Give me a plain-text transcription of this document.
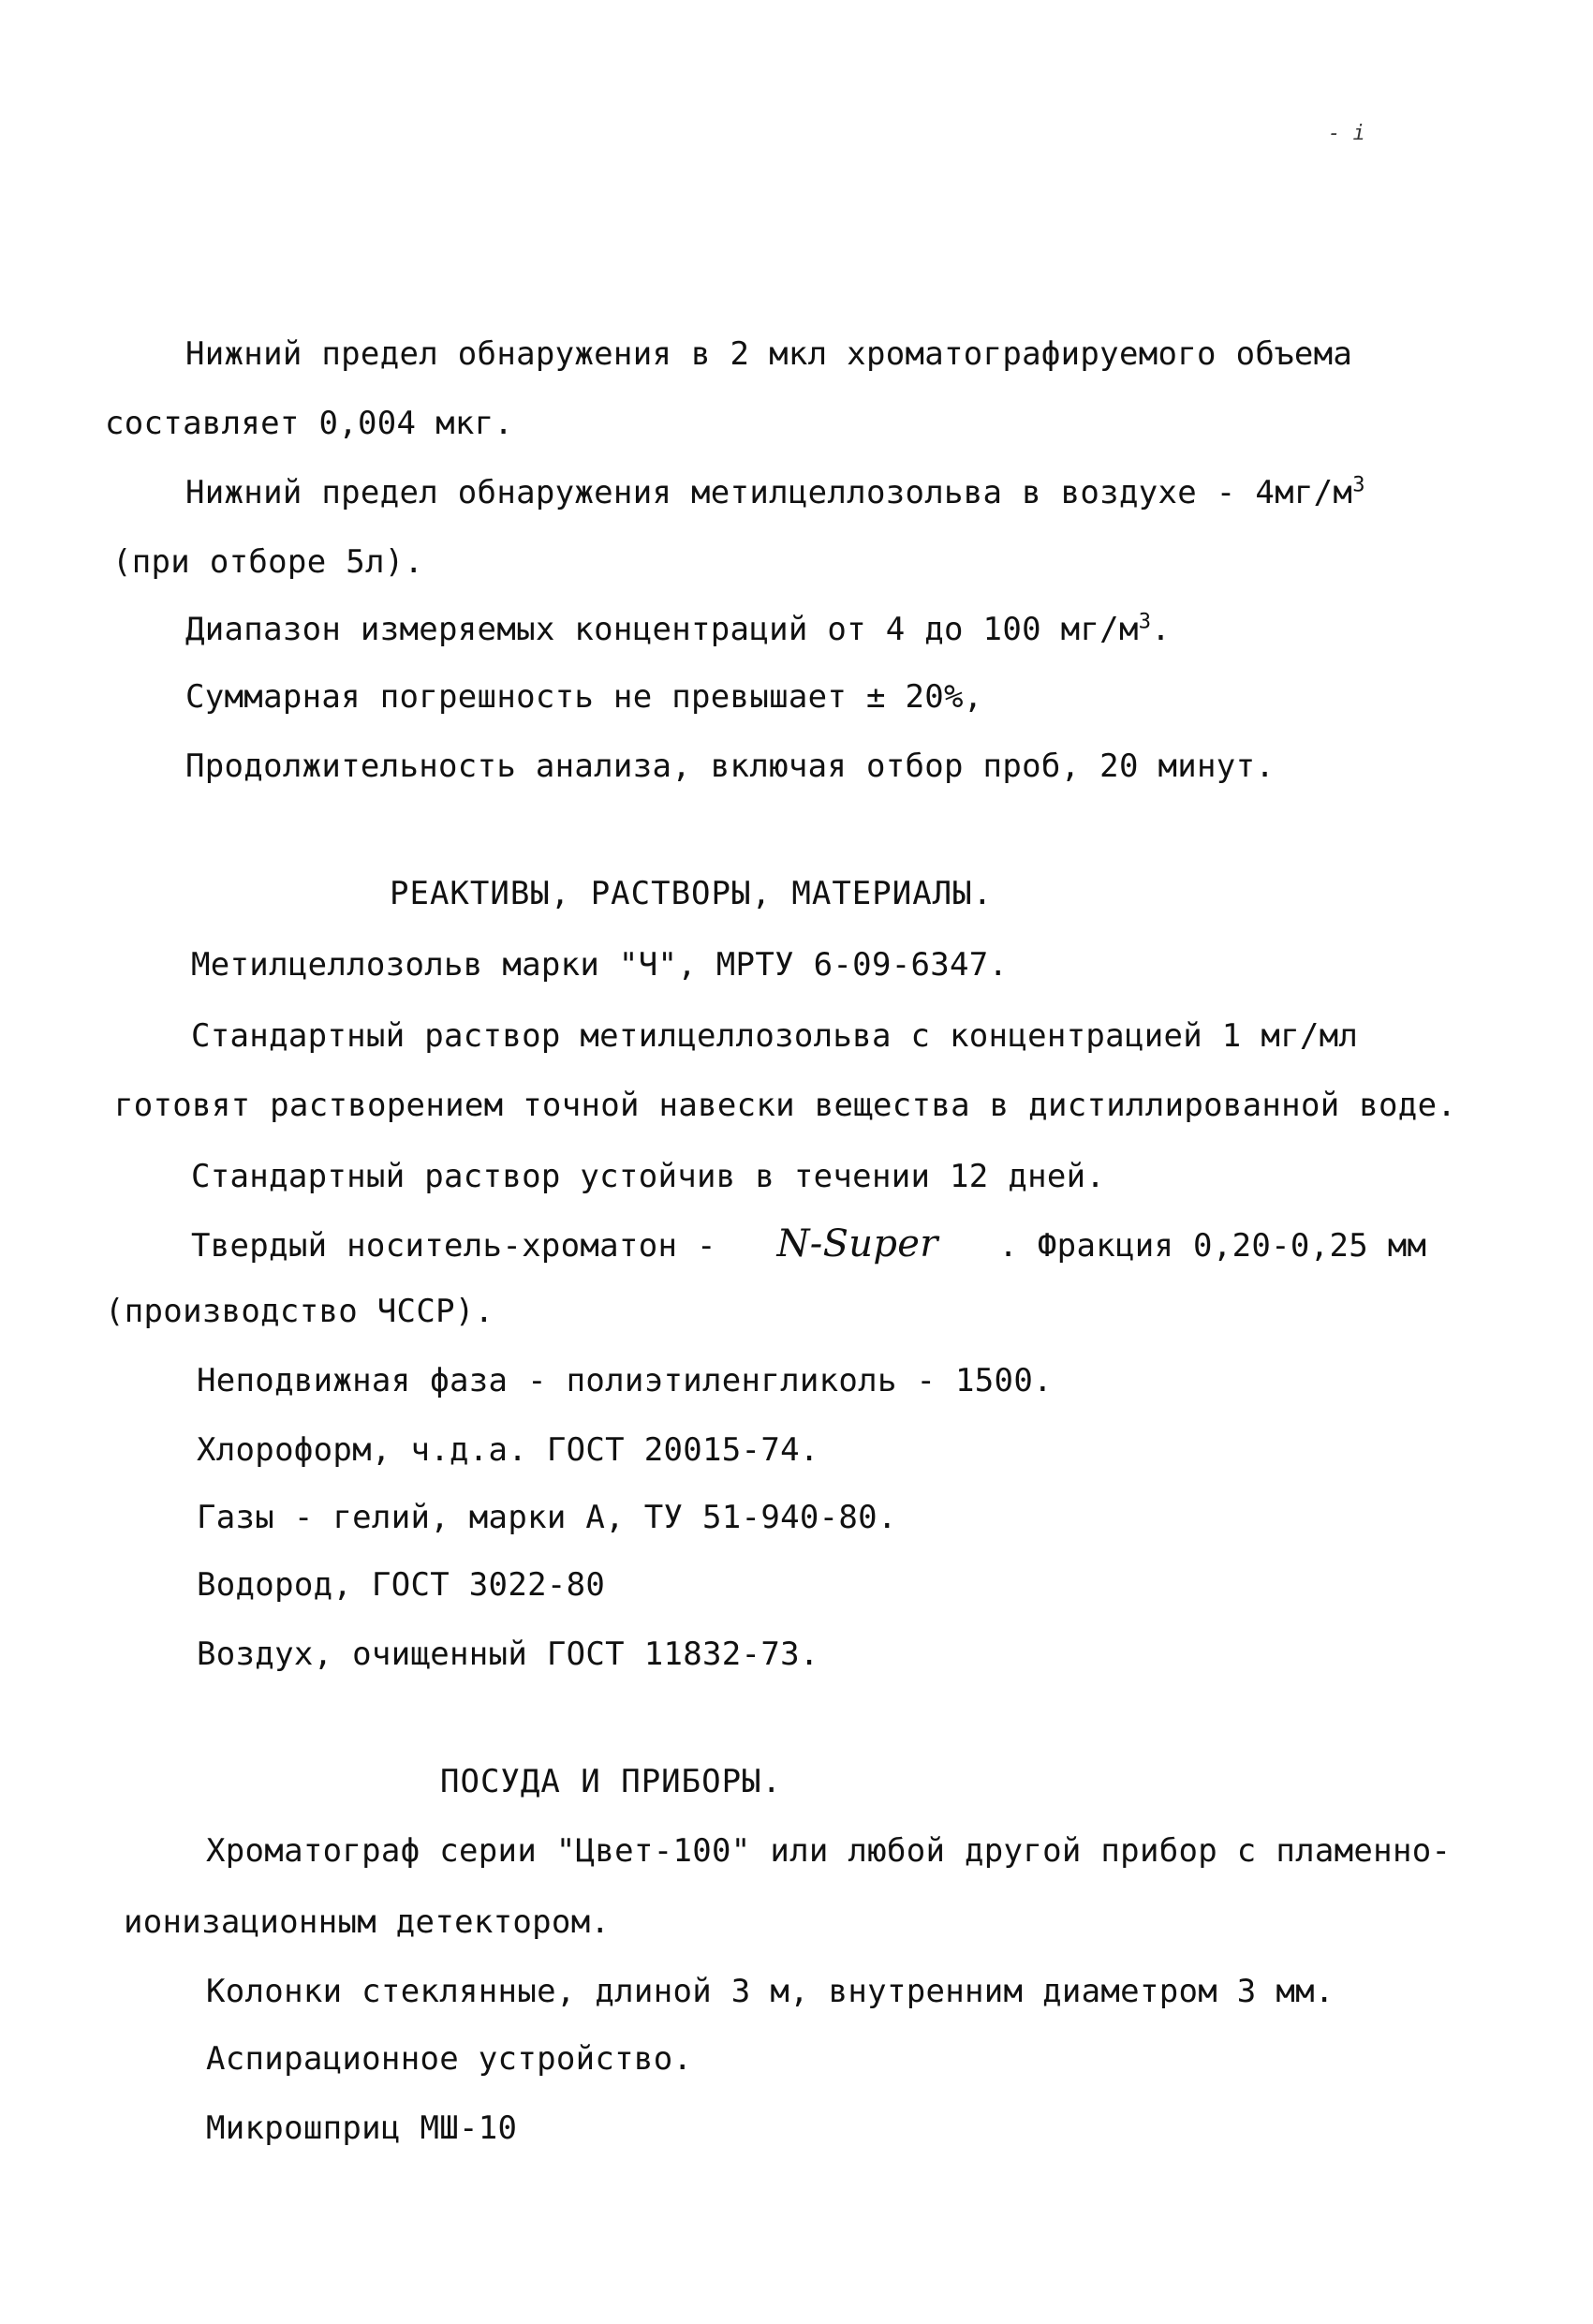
- i
Нижний предел обнаружения в 2 мкл хроматографируемого объема
составляет 0,004 мкг.
Нижний предел обнаружения метилцеллозольва в воздухе - $4мг/м^3$
(при отборе 5л).
Диапазон измеряемых концентраций от 4 до 100 $мг/м^3$.
Суммарная погрешность не превышает ± 20%,
Продолжительность анализа, включая отбор проб, 20 минут.
РЕАКТИВЫ, РАСТВОРЫ, МАТЕРИАЛЫ.
Метилцеллозольв марки "Ч", МРТУ 6-09-6347.
Стандартный раствор метилцеллозольва с концентрацией 1 мг/мл
готовят растворением точной навески вещества в дистиллированной воде.
Стандартный раствор устойчив в течении 12 дней.
Твердый носитель-хроматон - N-Super . Фракция 0,20-0,25 мм
(производство ЧССР).
Неподвижная фаза - полиэтиленгликоль - 1500.
Хлороформ, ч.д.а. ГОСТ 20015-74.
Газы - гелий, марки А, ТУ 51-940-80.
Водород, ГОСТ 3022-80
Воздух, очищенный ГОСТ 11832-73.
ПОСУДА И ПРИБОРЫ.
Хроматограф серии "Цвет-100" или любой другой прибор с пламенно-
ионизационным детектором.
Колонки стеклянные, длиной 3 м, внутренним диаметром 3 мм.
Аспирационное устройство.
Микрошприц МШ-10
